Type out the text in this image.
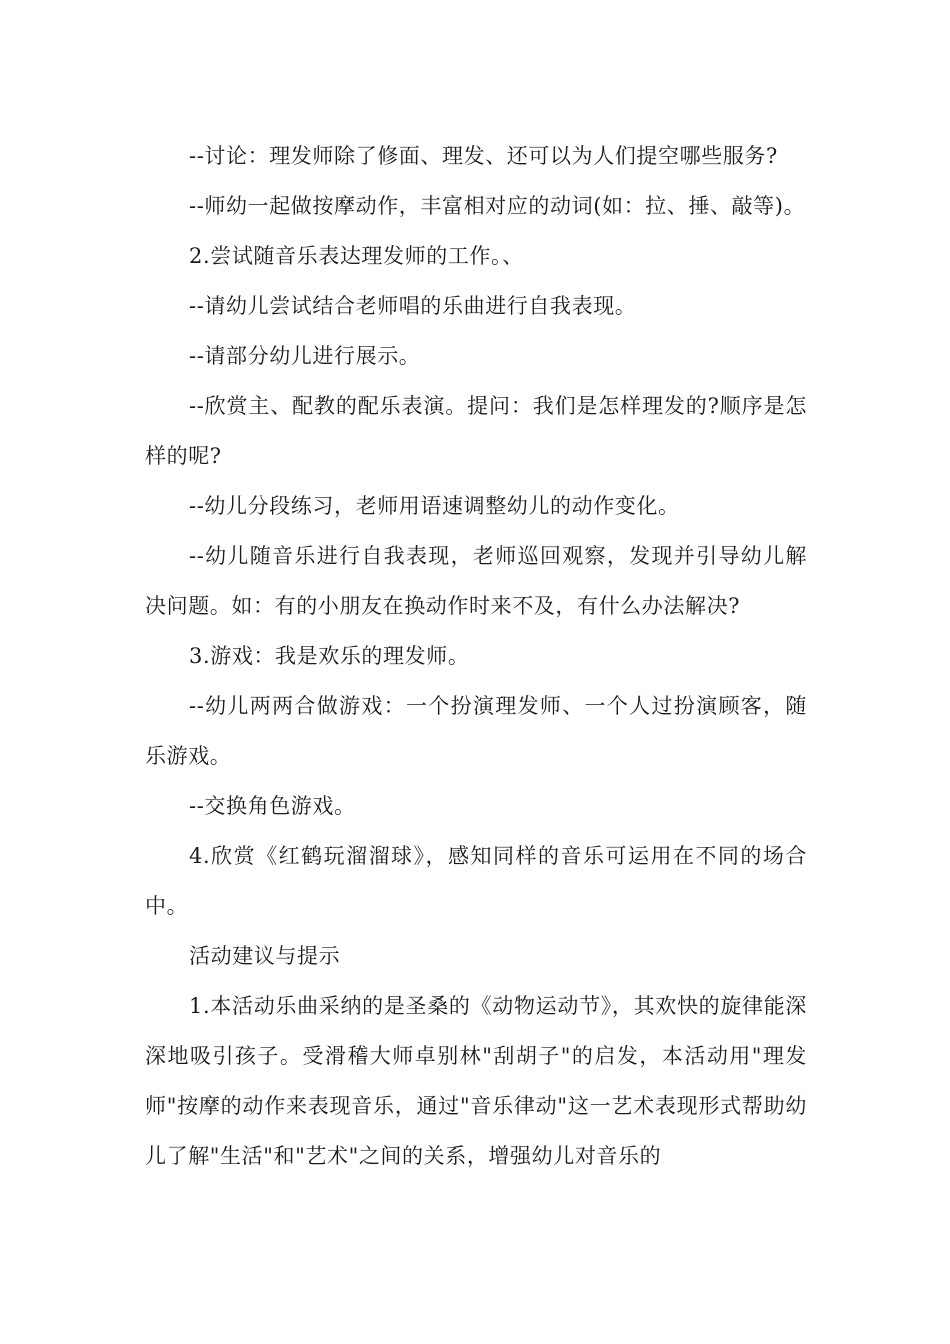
--讨论：理发师除了修面、理发、还可以为人们提空哪些服务?

--师幼一起做按摩动作，丰富相对应的动词(如：拉、捶、敲等)。

2.尝试随音乐表达理发师的工作。、

--请幼儿尝试结合老师唱的乐曲进行自我表现。

--请部分幼儿进行展示。

--欣赏主、配教的配乐表演。提问：我们是怎样理发的?顺序是怎样的呢?

--幼儿分段练习，老师用语速调整幼儿的动作变化。

--幼儿随音乐进行自我表现，老师巡回观察，发现并引导幼儿解决问题。如：有的小朋友在换动作时来不及，有什么办法解决?

3.游戏：我是欢乐的理发师。

--幼儿两两合做游戏：一个扮演理发师、一个人过扮演顾客，随乐游戏。

--交换角色游戏。

4.欣赏《红鹤玩溜溜球》，感知同样的音乐可运用在不同的场合中。

活动建议与提示

1.本活动乐曲采纳的是圣桑的《动物运动节》，其欢快的旋律能深深地吸引孩子。受滑稽大师卓别林"刮胡子"的启发，本活动用"理发师"按摩的动作来表现音乐，通过"音乐律动"这一艺术表现形式帮助幼儿了解"生活"和"艺术"之间的关系，增强幼儿对音乐的
